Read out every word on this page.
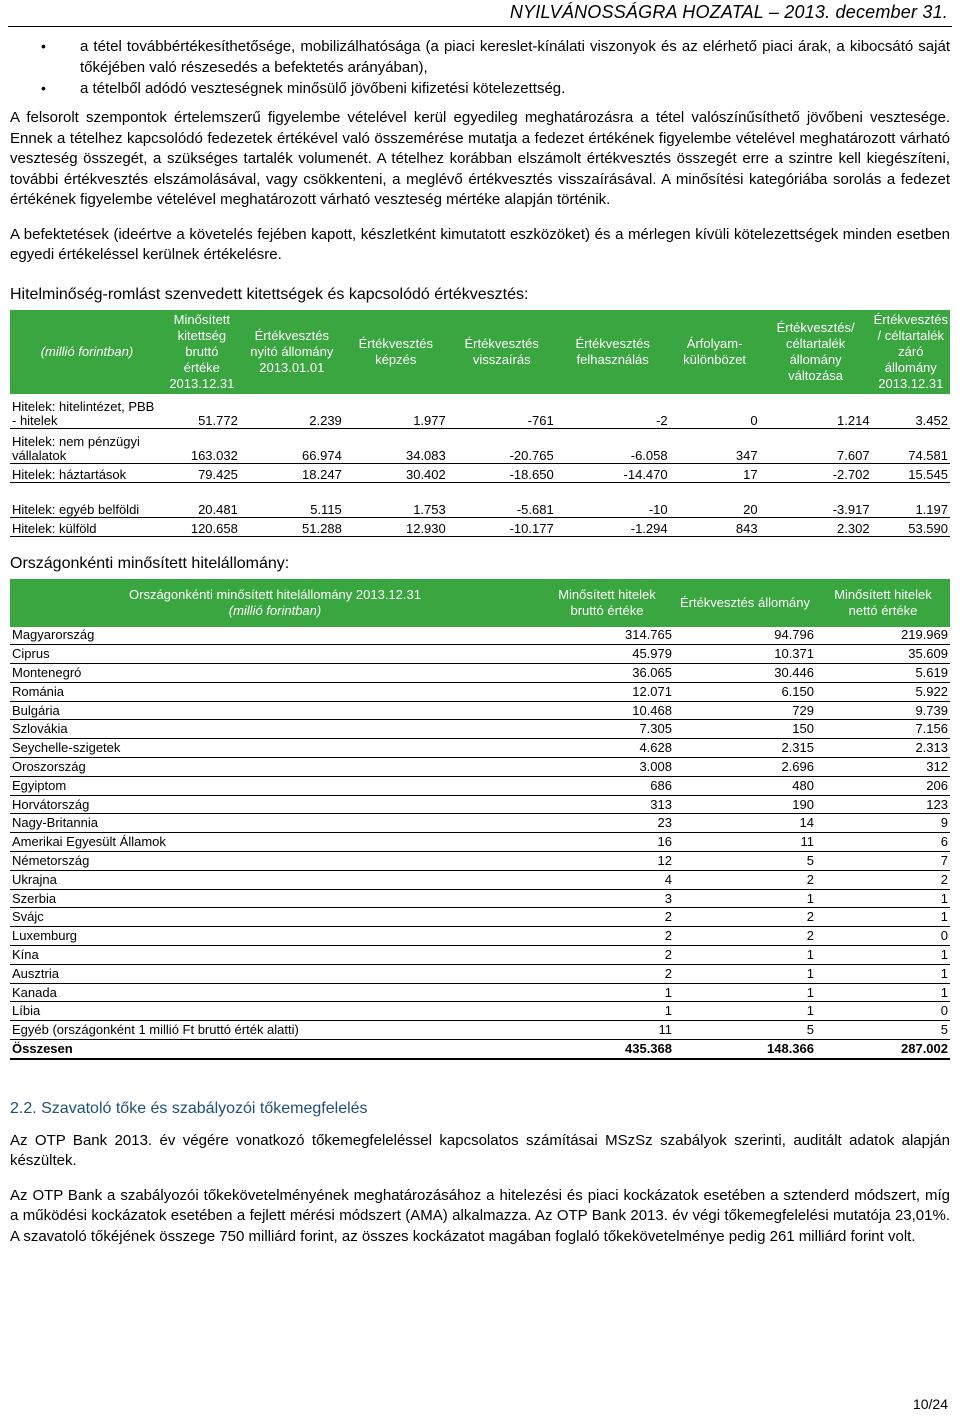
NYILVÁNOSSÁGRA HOZATAL – 2013. december 31.
• a tétel továbbértékesíthetősége, mobilizálhatósága (a piaci kereslet-kínálati viszonyok és az elérhető piaci árak, a kibocsátó saját tőkéjében való részesedés a befektetés arányában),
• a tételből adódó veszteségnek minősülő jövőbeni kifizetési kötelezettség.

A felsorolt szempontok értelemszerű figyelembe vételével kerül egyedileg meghatározásra a tétel valószínűsíthető jövőbeni vesztesége. Ennek a tételhez kapcsolódó fedezetek értékével való összemérése mutatja a fedezet értékének figyelembe vételével meghatározott várható veszteség összegét, a szükséges tartalék volumenét. A tételhez korábban elszámolt értékvesztés összegét erre a szintre kell kiegészíteni, további értékvesztés elszámolásával, vagy csökkenteni, a meglévő értékvesztés visszaírásával. A minősítési kategóriába sorolás a fedezet értékének figyelembe vételével meghatározott várható veszteség mértéke alapján történik.

A befektetések (ideértve a követelés fejében kapott, készletként kimutatott eszközöket) és a mérlegen kívüli kötelezettségek minden esetben egyedi értékeléssel kerülnek értékelésre.

Hitelminőség-romlást szenvedett kitettségek és kapcsolódó értékvesztés:
(millió forintban)	Minősített kitettség bruttó értéke 2013.12.31	Értékvesztés nyitó állomány 2013.01.01	Értékvesztés képzés	Értékvesztés visszaírás	Értékvesztés felhasználás	Árfolyam-különbözet	Értékvesztés/ céltartalék állomány változása	Értékvesztés / céltartalék záró állomány 2013.12.31
Hitelek: hitelintézet, PBB - hitelek	51.772	2.239	1.977	-761	-2	0	1.214	3.452
Hitelek: nem pénzügyi vállalatok	163.032	66.974	34.083	-20.765	-6.058	347	7.607	74.581
Hitelek: háztartások	79.425	18.247	30.402	-18.650	-14.470	17	-2.702	15.545
Hitelek: egyéb belföldi	20.481	5.115	1.753	-5.681	-10	20	-3.917	1.197
Hitelek: külföld	120.658	51.288	12.930	-10.177	-1.294	843	2.302	53.590
Országonkénti minősített hitelállomány:
Országonkénti minősített hitelállomány 2013.12.31
(millió forintban)	Minősített hitelek bruttó értéke	Értékvesztés állomány	Minősített hitelek nettó értéke
Magyarország	314.765	94.796	219.969
Ciprus	45.979	10.371	35.609
Montenegró	36.065	30.446	5.619
Románia	12.071	6.150	5.922
Bulgária	10.468	729	9.739
Szlovákia	7.305	150	7.156
Seychelle-szigetek	4.628	2.315	2.313
Oroszország	3.008	2.696	312
Egyiptom	686	480	206
Horvátország	313	190	123
Nagy-Britannia	23	14	9
Amerikai Egyesült Államok	16	11	6
Németország	12	5	7
Ukrajna	4	2	2
Szerbia	3	1	1
Svájc	2	2	1
Luxemburg	2	2	0
Kína	2	1	1
Ausztria	2	1	1
Kanada	1	1	1
Líbia	1	1	0
Egyéb (országonként 1 millió Ft bruttó érték alatti)	11	5	5
Összesen	435.368	148.366	287.002
2.2. Szavatoló tőke és szabályozói tőkemegfelelés

Az OTP Bank 2013. év végére vonatkozó tőkemegfeleléssel kapcsolatos számításai MSzSz szabályok szerinti, auditált adatok alapján készültek.

Az OTP Bank a szabályozói tőkekövetelményének meghatározásához a hitelezési és piaci kockázatok esetében a sztenderd módszert, míg a működési kockázatok esetében a fejlett mérési módszert (AMA) alkalmazza. Az OTP Bank 2013. év végi tőkemegfelelési mutatója 23,01%. A szavatoló tőkéjének összege 750 milliárd forint, az összes kockázatot magában foglaló tőkekövetelménye pedig 261 milliárd forint volt.

10/24
